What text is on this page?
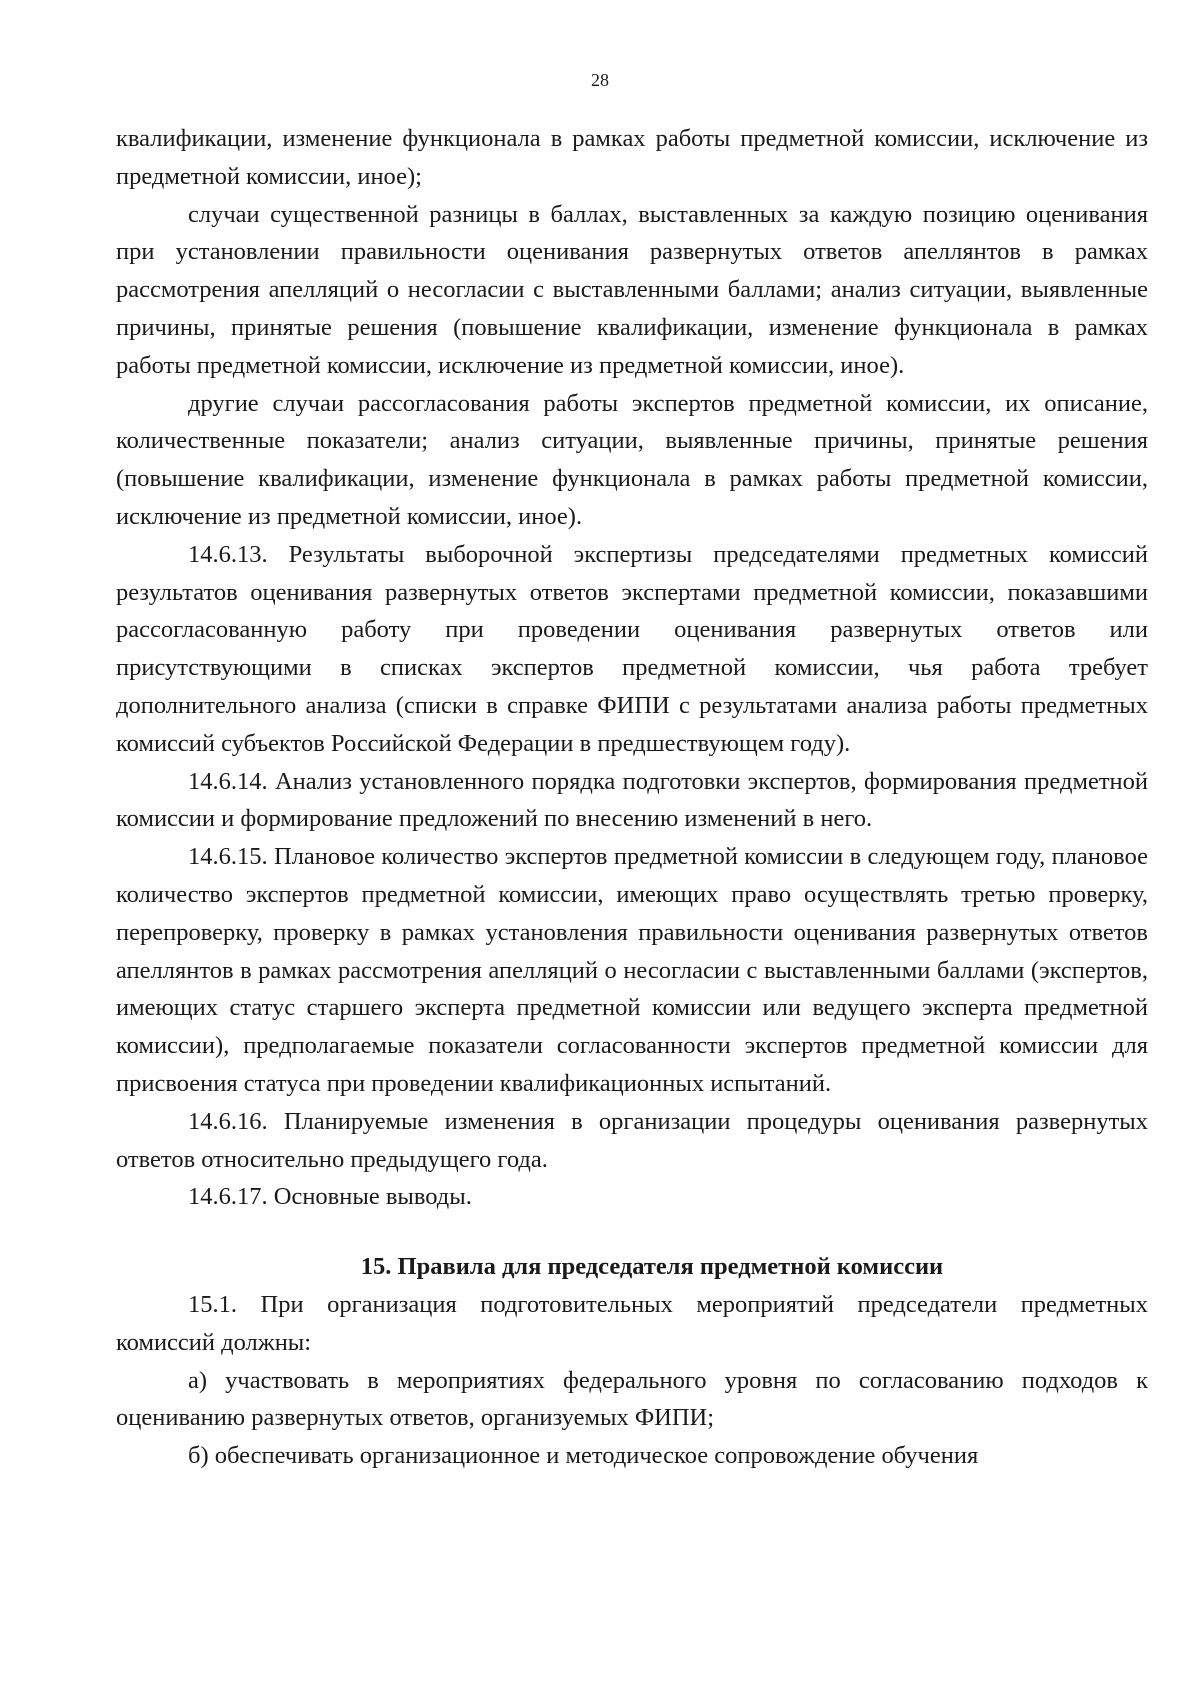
28

квалификации, изменение функционала в рамках работы предметной комиссии, исключение из предметной комиссии, иное);

случаи существенной разницы в баллах, выставленных за каждую позицию оценивания при установлении правильности оценивания развернутых ответов апеллянтов в рамках рассмотрения апелляций о несогласии с выставленными баллами; анализ ситуации, выявленные причины, принятые решения (повышение квалификации, изменение функционала в рамках работы предметной комиссии, исключение из предметной комиссии, иное).

другие случаи рассогласования работы экспертов предметной комиссии, их описание, количественные показатели; анализ ситуации, выявленные причины, принятые решения (повышение квалификации, изменение функционала в рамках работы предметной комиссии, исключение из предметной комиссии, иное).

14.6.13. Результаты выборочной экспертизы председателями предметных комиссий результатов оценивания развернутых ответов экспертами предметной комиссии, показавшими рассогласованную работу при проведении оценивания развернутых ответов или присутствующими в списках экспертов предметной комиссии, чья работа требует дополнительного анализа (списки в справке ФИПИ с результатами анализа работы предметных комиссий субъектов Российской Федерации в предшествующем году).

14.6.14. Анализ установленного порядка подготовки экспертов, формирования предметной комиссии и формирование предложений по внесению изменений в него.

14.6.15. Плановое количество экспертов предметной комиссии в следующем году, плановое количество экспертов предметной комиссии, имеющих право осуществлять третью проверку, перепроверку, проверку в рамках установления правильности оценивания развернутых ответов апеллянтов в рамках рассмотрения апелляций о несогласии с выставленными баллами (экспертов, имеющих статус старшего эксперта предметной комиссии или ведущего эксперта предметной комиссии), предполагаемые показатели согласованности экспертов предметной комиссии для присвоения статуса при проведении квалификационных испытаний.

14.6.16. Планируемые изменения в организации процедуры оценивания развернутых ответов относительно предыдущего года.

14.6.17. Основные выводы.

15. Правила для председателя предметной комиссии

15.1. При организация подготовительных мероприятий председатели предметных комиссий должны:

а) участвовать в мероприятиях федерального уровня по согласованию подходов к оцениванию развернутых ответов, организуемых ФИПИ;

б) обеспечивать организационное и методическое сопровождение обучения
